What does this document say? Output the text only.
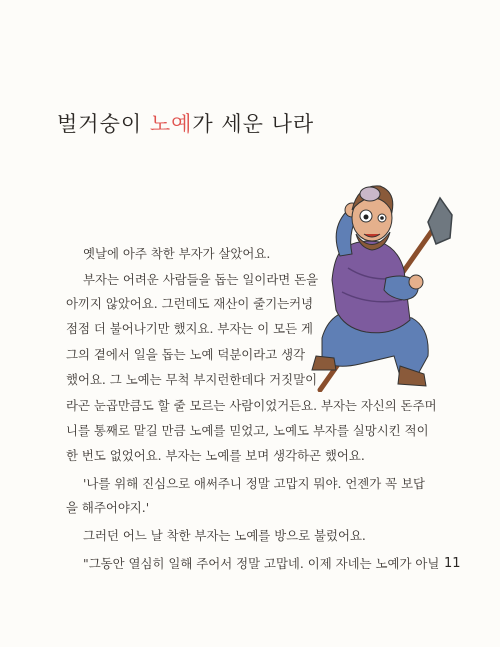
벌거숭이 노예가 세운 나라
옛날에 아주 착한 부자가 살았어요.
부자는 어려운 사람들을 돕는 일이라면 돈을
아끼지 않았어요. 그런데도 재산이 줄기는커녕
점점 더 불어나기만 했지요. 부자는 이 모든 게
그의 곁에서 일을 돕는 노예 덕분이라고 생각
했어요. 그 노예는 무척 부지런한데다 거짓말이
라곤 눈곱만큼도 할 줄 모르는 사람이었거든요. 부자는 자신의 돈주머
니를 통째로 맡길 만큼 노예를 믿었고, 노예도 부자를 실망시킨 적이
한 번도 없었어요. 부자는 노예를 보며 생각하곤 했어요.
'나를 위해 진심으로 애써주니 정말 고맙지 뭐야. 언젠가 꼭 보답
을 해주어야지.'
그러던 어느 날 착한 부자는 노예를 방으로 불렀어요.
"그동안 열심히 일해 주어서 정말 고맙네. 이제 자네는 노예가 아닐 11
